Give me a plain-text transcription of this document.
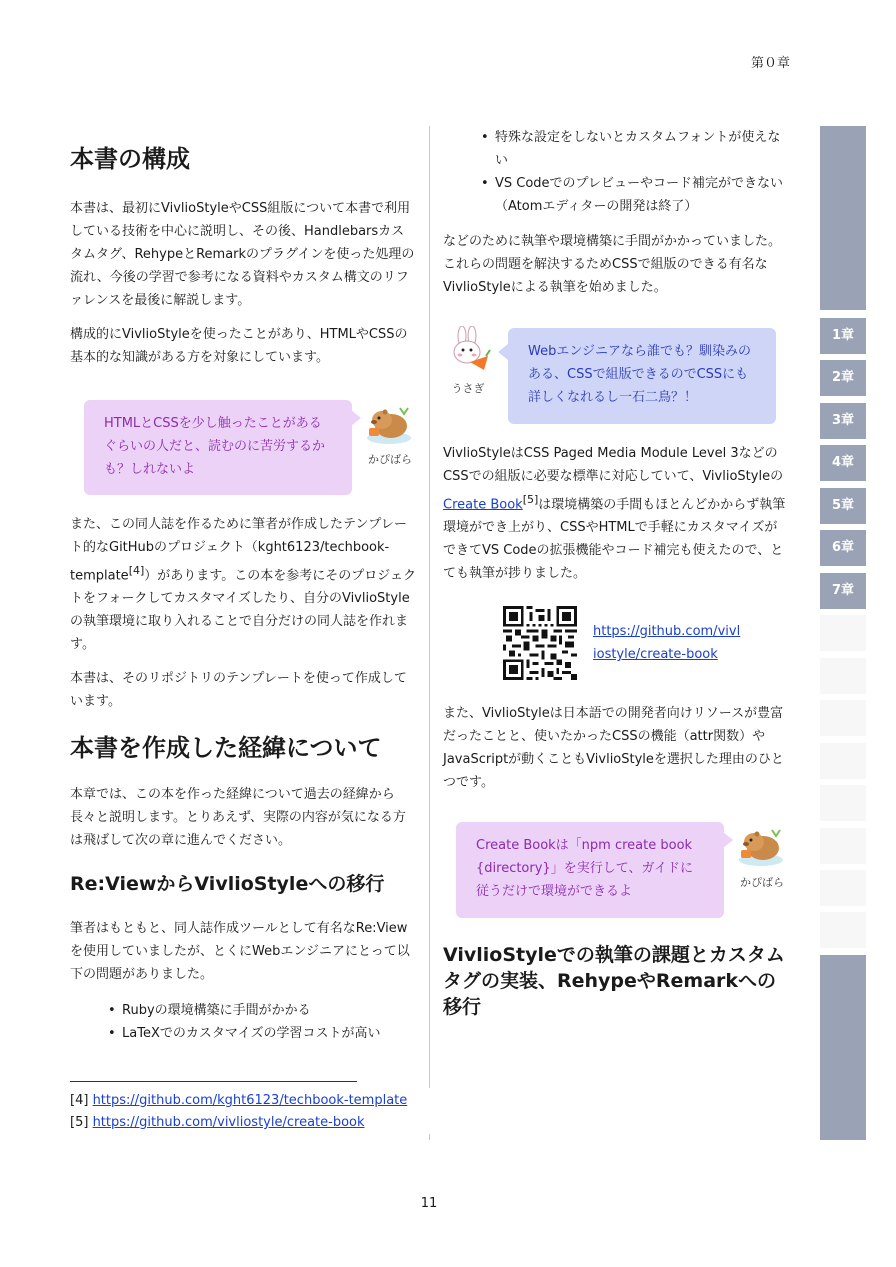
第０章
本書の構成

本書は、最初にVivlioStyleやCSS組版について本書で利用している技術を中心に説明し、その後、Handlebarsカスタムタグ、RehypeとRemarkのプラグインを使った処理の流れ、今後の学習で参考になる資料やカスタム構文のリファレンスを最後に解説します。

構成的にVivlioStyleを使ったことがあり、HTMLやCSSの基本的な知識がある方を対象にしています。

HTMLとCSSを少し触ったことがあるぐらいの人だと、読むのに苦労するかも？しれないよ
かぴばら

また、この同人誌を作るために筆者が作成したテンプレート的なGitHubのプロジェクト（kght6123/techbook-template[4]）があります。この本を参考にそのプロジェクトをフォークしてカスタマイズしたり、自分のVivlioStyleの執筆環境に取り入れることで自分だけの同人誌を作れます。

本書は、そのリポジトリのテンプレートを使って作成しています。

本書を作成した経緯について

本章では、この本を作った経緯について過去の経緯から長々と説明します。とりあえず、実際の内容が気になる方は飛ばして次の章に進んでください。

Re:ViewからVivlioStyleへの移行

筆者はもともと、同人誌作成ツールとして有名なRe:Viewを使用していましたが、とくにWebエンジニアにとって以下の問題がありました。

• Rubyの環境構築に手間がかかる
• LaTeXでのカスタマイズの学習コストが高い
[4] https://github.com/kght6123/techbook-template
[5] https://github.com/vivliostyle/create-book
• 特殊な設定をしないとカスタムフォントが使えない
• VS Codeでのプレビューやコード補完ができない（Atomエディターの開発は終了）

などのために執筆や環境構築に手間がかかっていました。これらの問題を解決するためCSSで組版のできる有名なVivlioStyleによる執筆を始めました。

うさぎ
Webエンジニアなら誰でも？馴染みのある、CSSで組版できるのでCSSにも詳しくなれるし一石二鳥？！

VivlioStyleはCSS Paged Media Module Level 3などのCSSでの組版に必要な標準に対応していて、VivlioStyleのCreate Book[5]は環境構築の手間もほとんどかからず執筆環境ができ上がり、CSSやHTMLで手軽にカスタマイズができてVS Codeの拡張機能やコード補完も使えたので、とても執筆が捗りました。

https://github.com/vivliostyle/create-book

また、VivlioStyleは日本語での開発者向けリソースが豊富だったことと、使いたかったCSSの機能（attr関数）やJavaScriptが動くこともVivlioStyleを選択した理由のひとつです。

Create Bookは「npm create book {directory}」を実行して、ガイドに従うだけで環境ができるよ
かぴばら
VivlioStyleでの執筆の課題とカスタムタグの実装、RehypeやRemarkへの移行
1章
2章
3章
4章
5章
6章
7章
11
